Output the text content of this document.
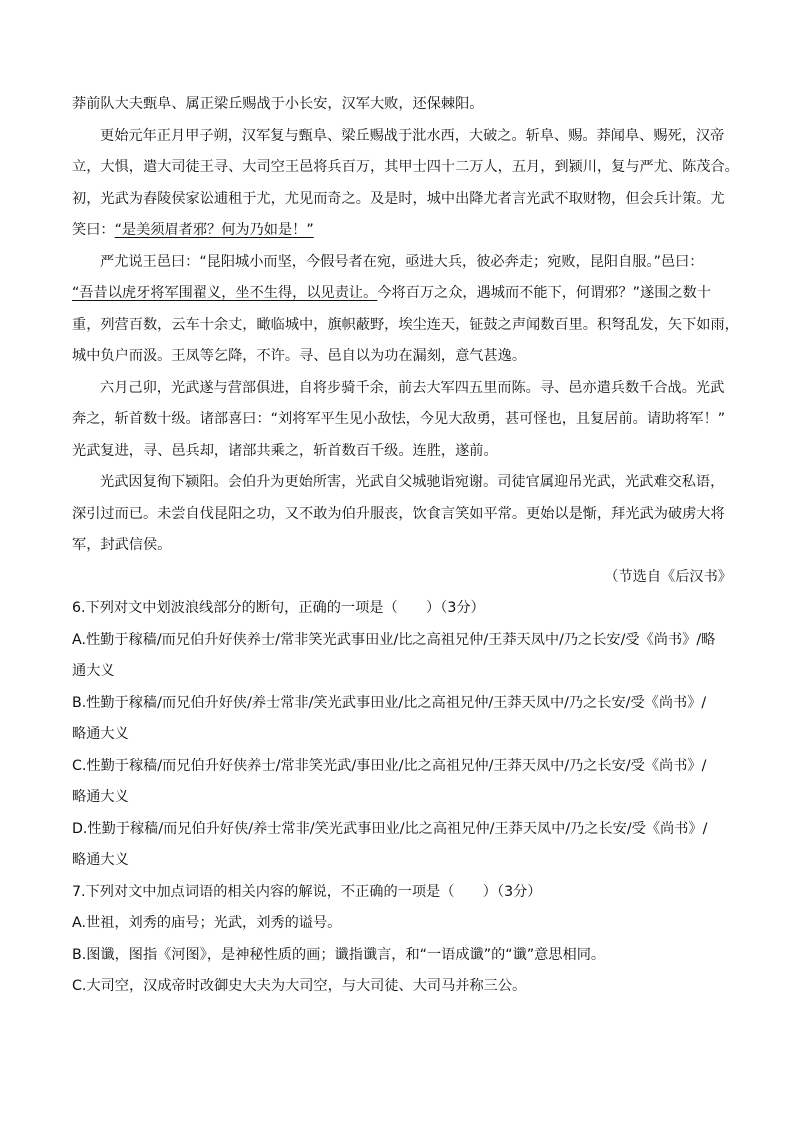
莽前队大夫甄阜、属正梁丘赐战于小长安，汉军大败，还保棘阳。
更始元年正月甲子朔，汉军复与甄阜、梁丘赐战于沘水西，大破之。斩阜、赐。莽闻阜、赐死，汉帝
立，大惧，遣大司徒王寻、大司空王邑将兵百万，其甲士四十二万人，五月，到颍川，复与严尤、陈茂合。
初，光武为舂陵侯家讼逋租于尤，尤见而奇之。及是时，城中出降尤者言光武不取财物，但会兵计策。尤
笑曰：“是美须眉者邪？何为乃如是！”
严尤说王邑曰：“昆阳城小而坚，今假号者在宛，亟进大兵，彼必奔走；宛败，昆阳自服。”邑曰：
“吾昔以虎牙将军围翟义，坐不生得，以见责让。今将百万之众，遇城而不能下，何谓邪？”遂围之数十
重，列营百数，云车十余丈，瞰临城中，旗帜蔽野，埃尘连天，钲鼓之声闻数百里。积弩乱发，矢下如雨，
城中负户而汲。王凤等乞降，不许。寻、邑自以为功在漏刻，意气甚逸。
六月己卯，光武遂与营部俱进，自将步骑千余，前去大军四五里而陈。寻、邑亦遣兵数千合战。光武
奔之，斩首数十级。诸部喜曰：“刘将军平生见小敌怯，今见大敌勇，甚可怪也，且复居前。请助将军！”
光武复进，寻、邑兵却，诸部共乘之，斩首数百千级。连胜，遂前。
光武因复徇下颍阳。会伯升为更始所害，光武自父城驰诣宛谢。司徒官属迎吊光武，光武难交私语，
深引过而已。未尝自伐昆阳之功，又不敢为伯升服丧，饮食言笑如平常。更始以是惭，拜光武为破虏大将
军，封武信侯。
（节选自《后汉书》
6.下列对文中划波浪线部分的断句，正确的一项是（　　）（3分）
A.性勤于稼穑/而兄伯升好侠养士/常非笑光武事田业/比之高祖兄仲/王莽天凤中/乃之长安/受《尚书》/略
通大义
B.性勤于稼穑/而兄伯升好侠/养士常非/笑光武事田业/比之高祖兄仲/王莽天凤中/乃之长安/受《尚书》/
略通大义
C.性勤于稼穑/而兄伯升好侠养士/常非笑光武/事田业/比之高祖兄仲/王莽天凤中/乃之长安/受《尚书》/
略通大义
D.性勤于稼穑/而兄伯升好侠/养士常非/笑光武事田业/比之高祖兄仲/王莽天凤中/乃之长安/受《尚书》/
略通大义
7.下列对文中加点词语的相关内容的解说，不正确的一项是（　　）（3分）
A.世祖，刘秀的庙号；光武，刘秀的谥号。
B.图谶，图指《河图》，是神秘性质的画；谶指谶言，和“一语成谶”的“谶”意思相同。
C.大司空，汉成帝时改御史大夫为大司空，与大司徒、大司马并称三公。
